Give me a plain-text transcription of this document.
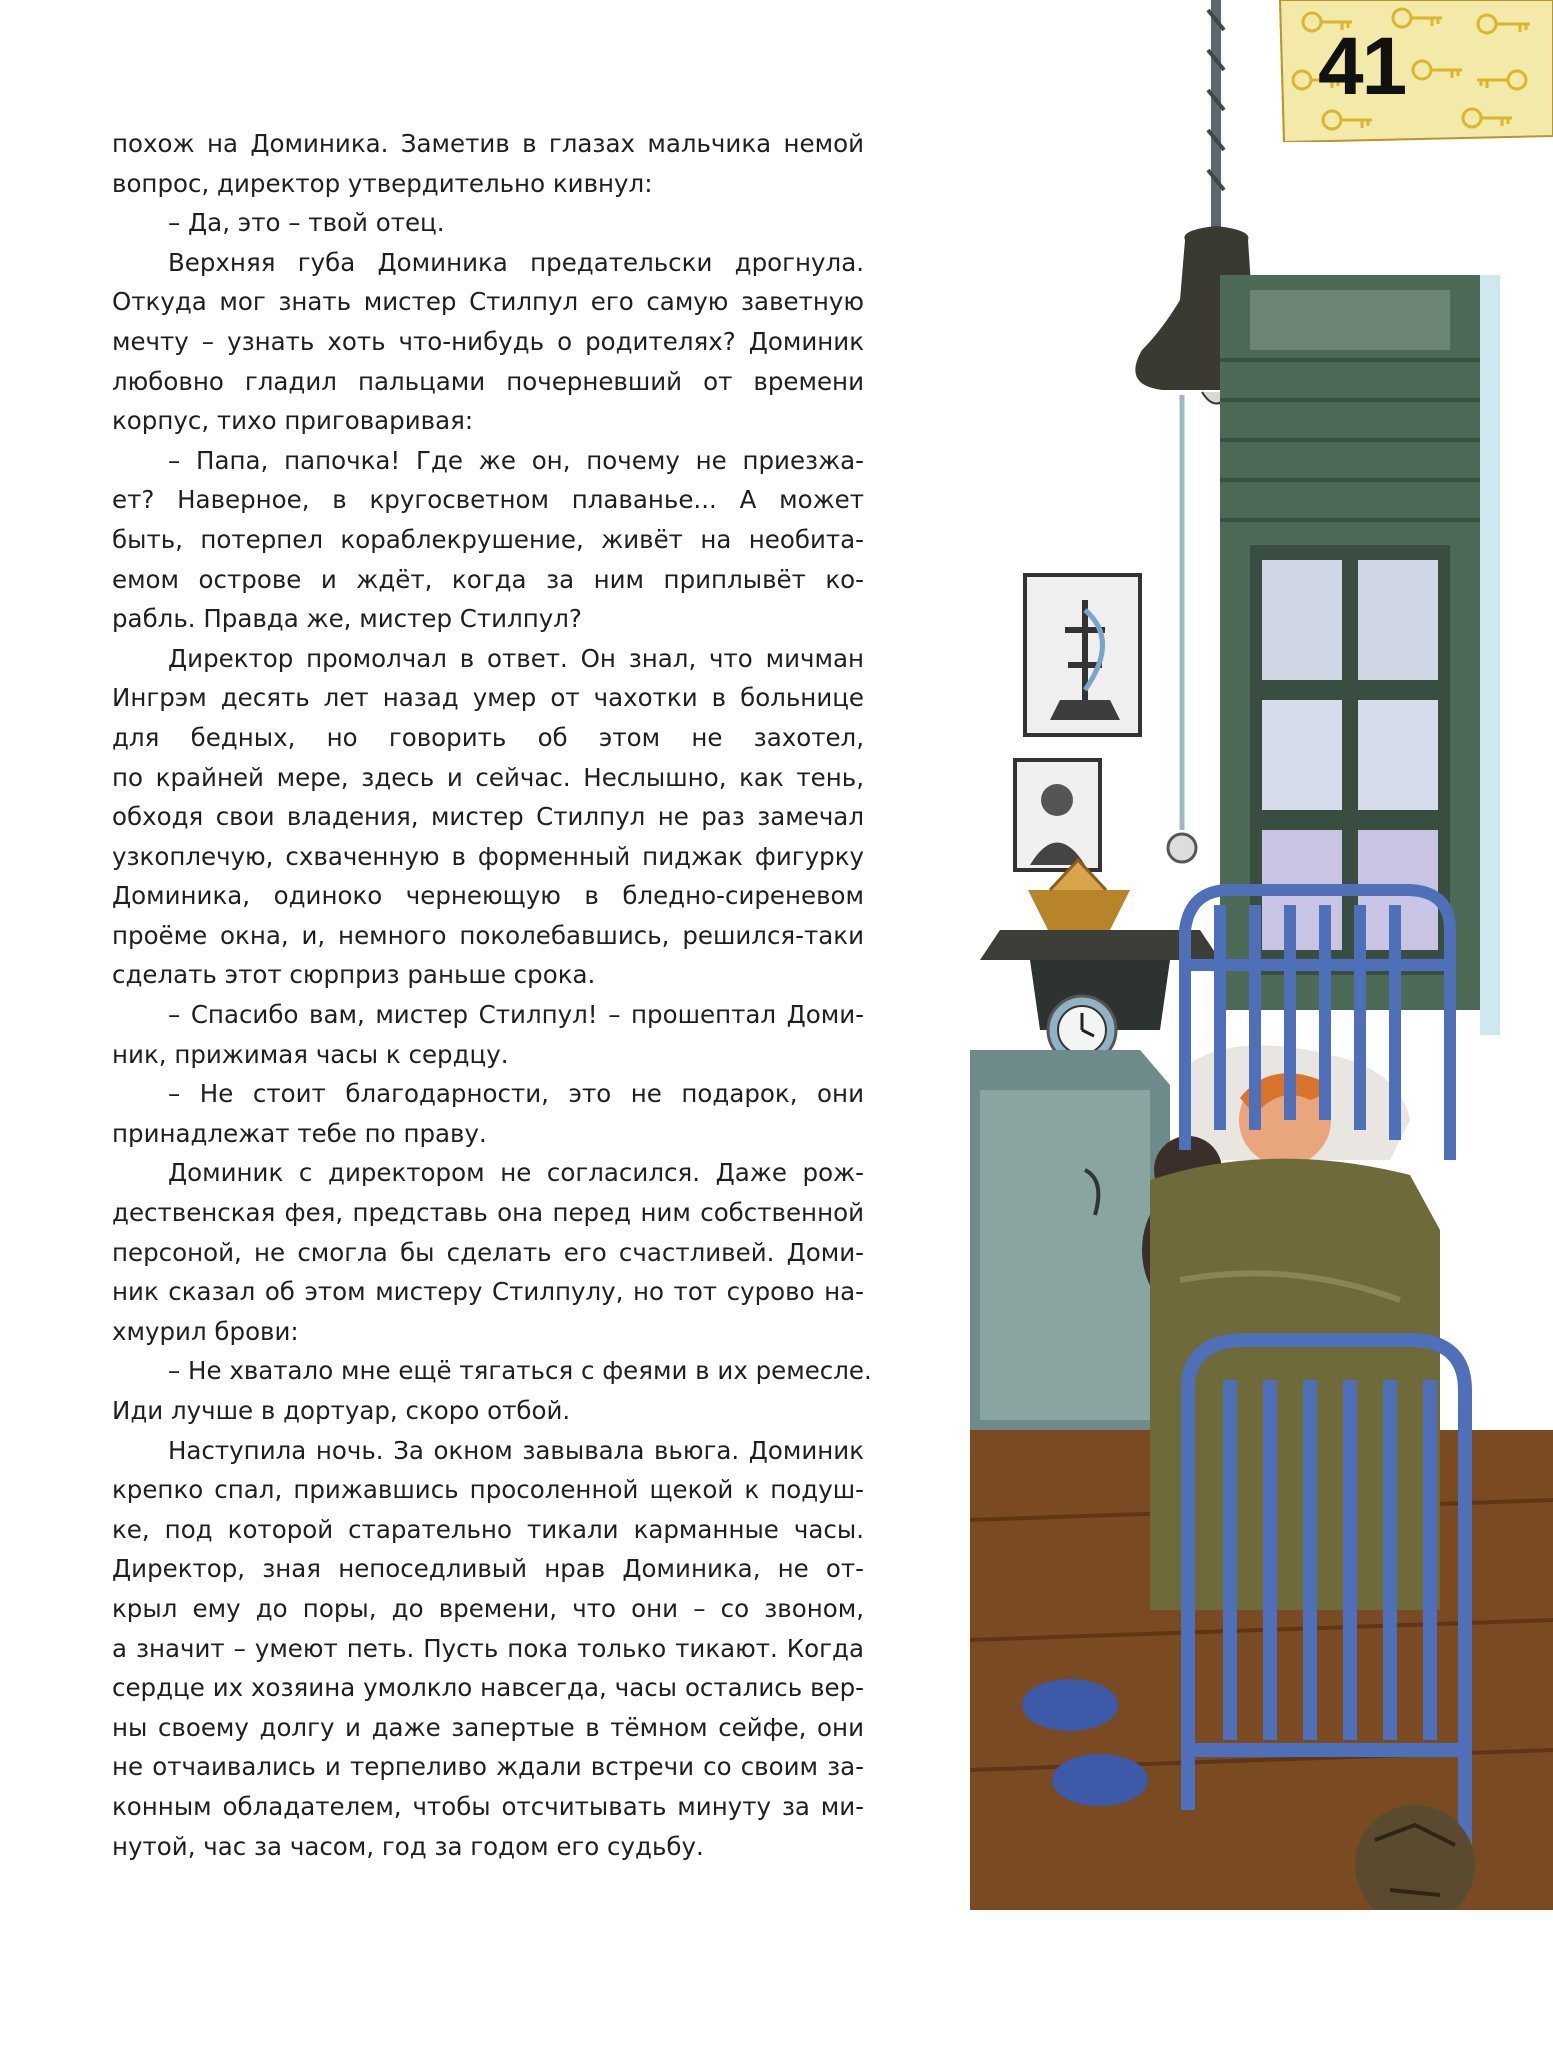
41

похож на Доминика. Заметив в глазах мальчика немой
вопрос, директор утвердительно кивнул:

– Да, это – твой отец.

Верхняя губа Доминика предательски дрогнула.
Откуда мог знать мистер Стилпул его самую заветную
мечту – узнать хоть что-нибудь о родителях? Доминик
любовно гладил пальцами почерневший от времени
корпус, тихо приговаривая:

– Папа, папочка! Где же он, почему не приезжа-
ет? Наверное, в кругосветном плаванье... А может
быть, потерпел кораблекрушение, живёт на необита-
емом острове и ждёт, когда за ним приплывёт ко-
рабль. Правда же, мистер Стилпул?

Директор промолчал в ответ. Он знал, что мичман
Ингрэм десять лет назад умер от чахотки в больнице
для бедных, но говорить об этом не захотел,
по крайней мере, здесь и сейчас. Неслышно, как тень,
обходя свои владения, мистер Стилпул не раз замечал
узкоплечую, схваченную в форменный пиджак фигурку
Доминика, одиноко чернеющую в бледно-сиреневом
проёме окна, и, немного поколебавшись, решился-таки
сделать этот сюрприз раньше срока.

– Спасибо вам, мистер Стилпул! – прошептал Доми-
ник, прижимая часы к сердцу.

– Не стоит благодарности, это не подарок, они
принадлежат тебе по праву.

Доминик с директором не согласился. Даже рож-
дественская фея, представь она перед ним собственной
персоной, не смогла бы сделать его счастливей. Доми-
ник сказал об этом мистеру Стилпулу, но тот сурово на-
хмурил брови:

– Не хватало мне ещё тягаться с феями в их ремесле.
Иди лучше в дортуар, скоро отбой.

Наступила ночь. За окном завывала вьюга. Доминик
крепко спал, прижавшись просоленной щекой к подуш-
ке, под которой старательно тикали карманные часы.
Директор, зная непоседливый нрав Доминика, не от-
крыл ему до поры, до времени, что они – со звоном,
а значит – умеют петь. Пусть пока только тикают. Когда
сердце их хозяина умолкло навсегда, часы остались вер-
ны своему долгу и даже запертые в тёмном сейфе, они
не отчаивались и терпеливо ждали встречи со своим за-
конным обладателем, чтобы отсчитывать минуту за ми-
нутой, час за часом, год за годом его судьбу.
